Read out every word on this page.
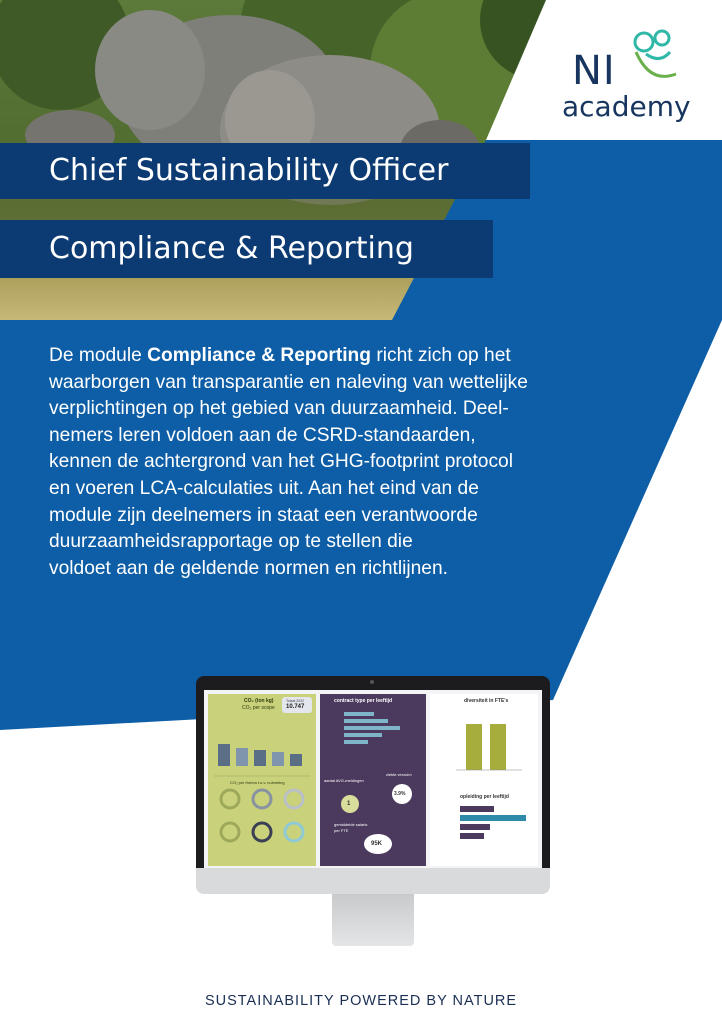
Chief Sustainability Officer
Compliance & Reporting
NI
academy
De module Compliance & Reporting richt zich op het
waarborgen van transparantie en naleving van wettelijke
verplichtingen op het gebied van duurzaamheid. Deel-
nemers leren voldoen aan de CSRD-standaarden,
kennen de achtergrond van het GHG-footprint protocol
en voeren LCA-calculaties uit. Aan het eind van de
module zijn deelnemers in staat een verantwoorde
duurzaamheidsrapportage op te stellen die
voldoet aan de geldende normen en richtlijnen.
CO₂ (ton kg)
CO₂ per scope
Totaal 2022
10.747
CO₂ per thema t.o.v. nulmeting
contract type per leeftijd
aantal AVG-meldingen
1
ziekte verzuim
3.9%
gemiddelde salaris per FTE
95K
diversiteit in FTE's
opleiding per leeftijd
SUSTAINABILITY POWERED BY NATURE
